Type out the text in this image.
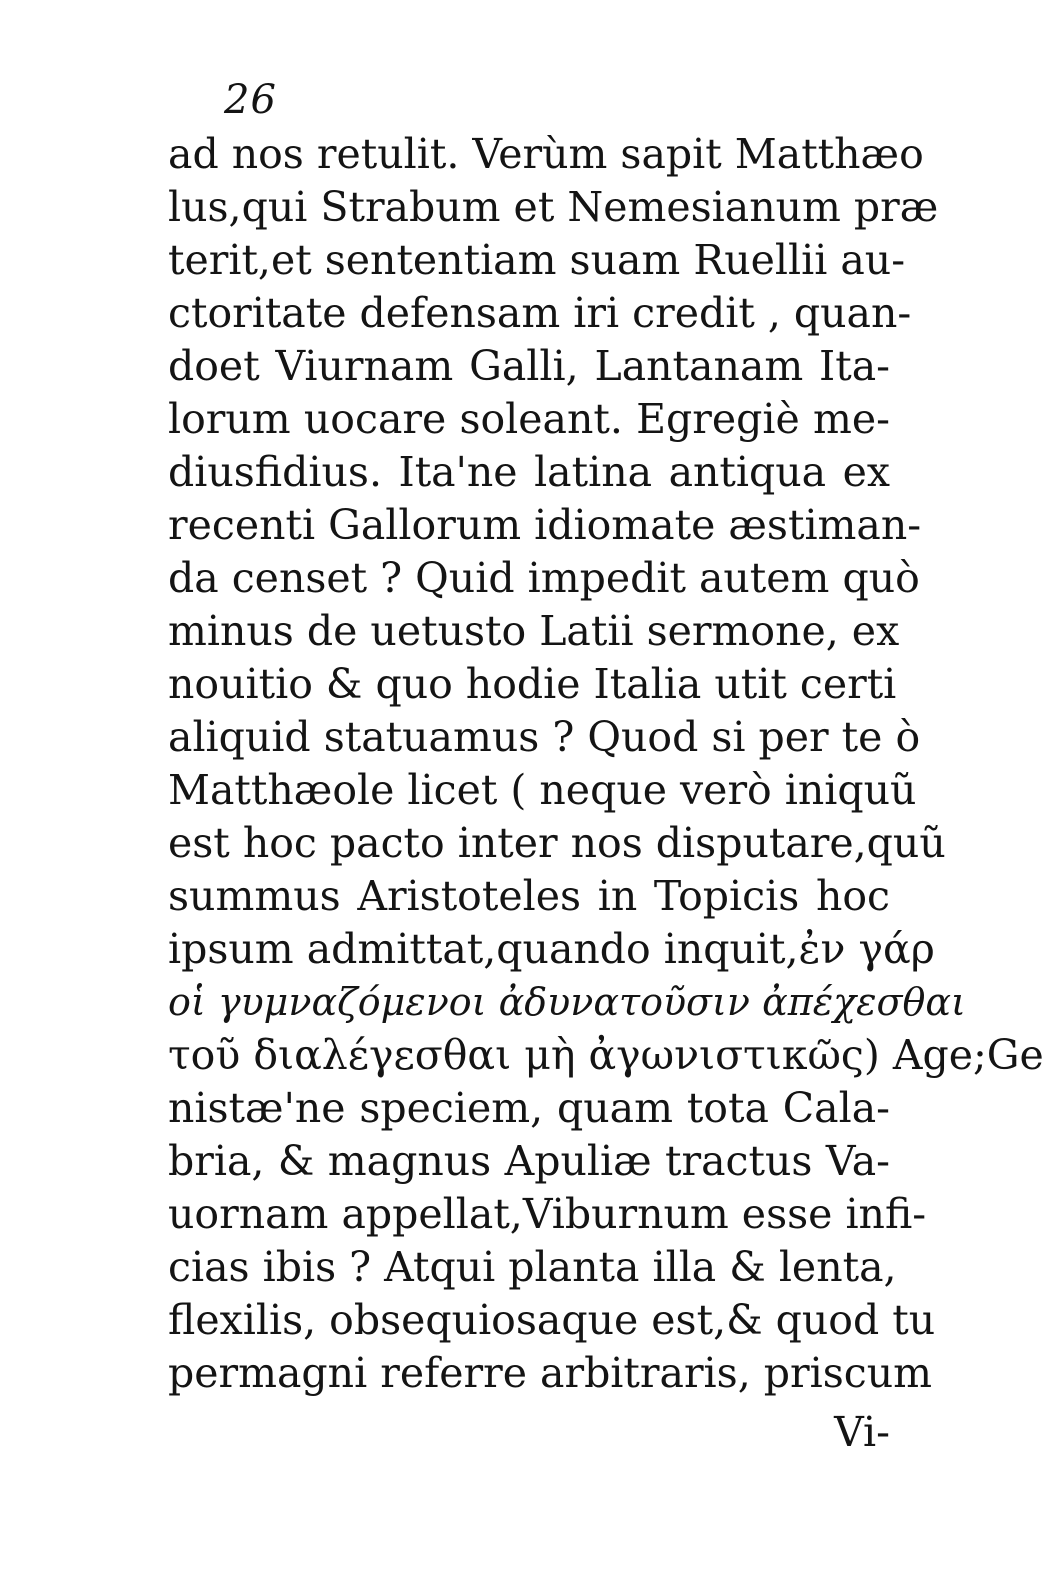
26
ad nos retulit. Verùm sapit Matthæo
lus,qui Strabum et Nemesianum præ
terit,et sententiam suam Ruellii au-
ctoritate defensam iri credit , quan-
doet Viurnam Galli, Lantanam Ita-
lorum uocare soleant. Egregiè me-
diusfidius. Ita'ne latina antiqua ex
recenti Gallorum idiomate æstiman-
da censet ? Quid impedit autem quò
minus de uetusto Latii sermone, ex
nouitio & quo hodie Italia utit certi
aliquid statuamus ? Quod si per te ò
Matthæole licet ( neque verò iniquũ
est hoc pacto inter nos disputare,quũ
summus Aristoteles in Topicis hoc
ipsum admittat,quando inquit,ἐν γάρ
οἱ γυμναζόμενοι ἀδυνατοῦσιν ἀπέχεσθαι
τοῦ διαλέγεσθαι μὴ ἀγωνιστικῶς) Age;Ge
nistæ'ne speciem, quam tota Cala-
bria, & magnus Apuliæ tractus Va-
uornam appellat,Viburnum esse infi-
cias ibis ? Atqui planta illa & lenta,
flexilis, obsequiosaque est,& quod tu
permagni referre arbitraris, priscum
Vi-
